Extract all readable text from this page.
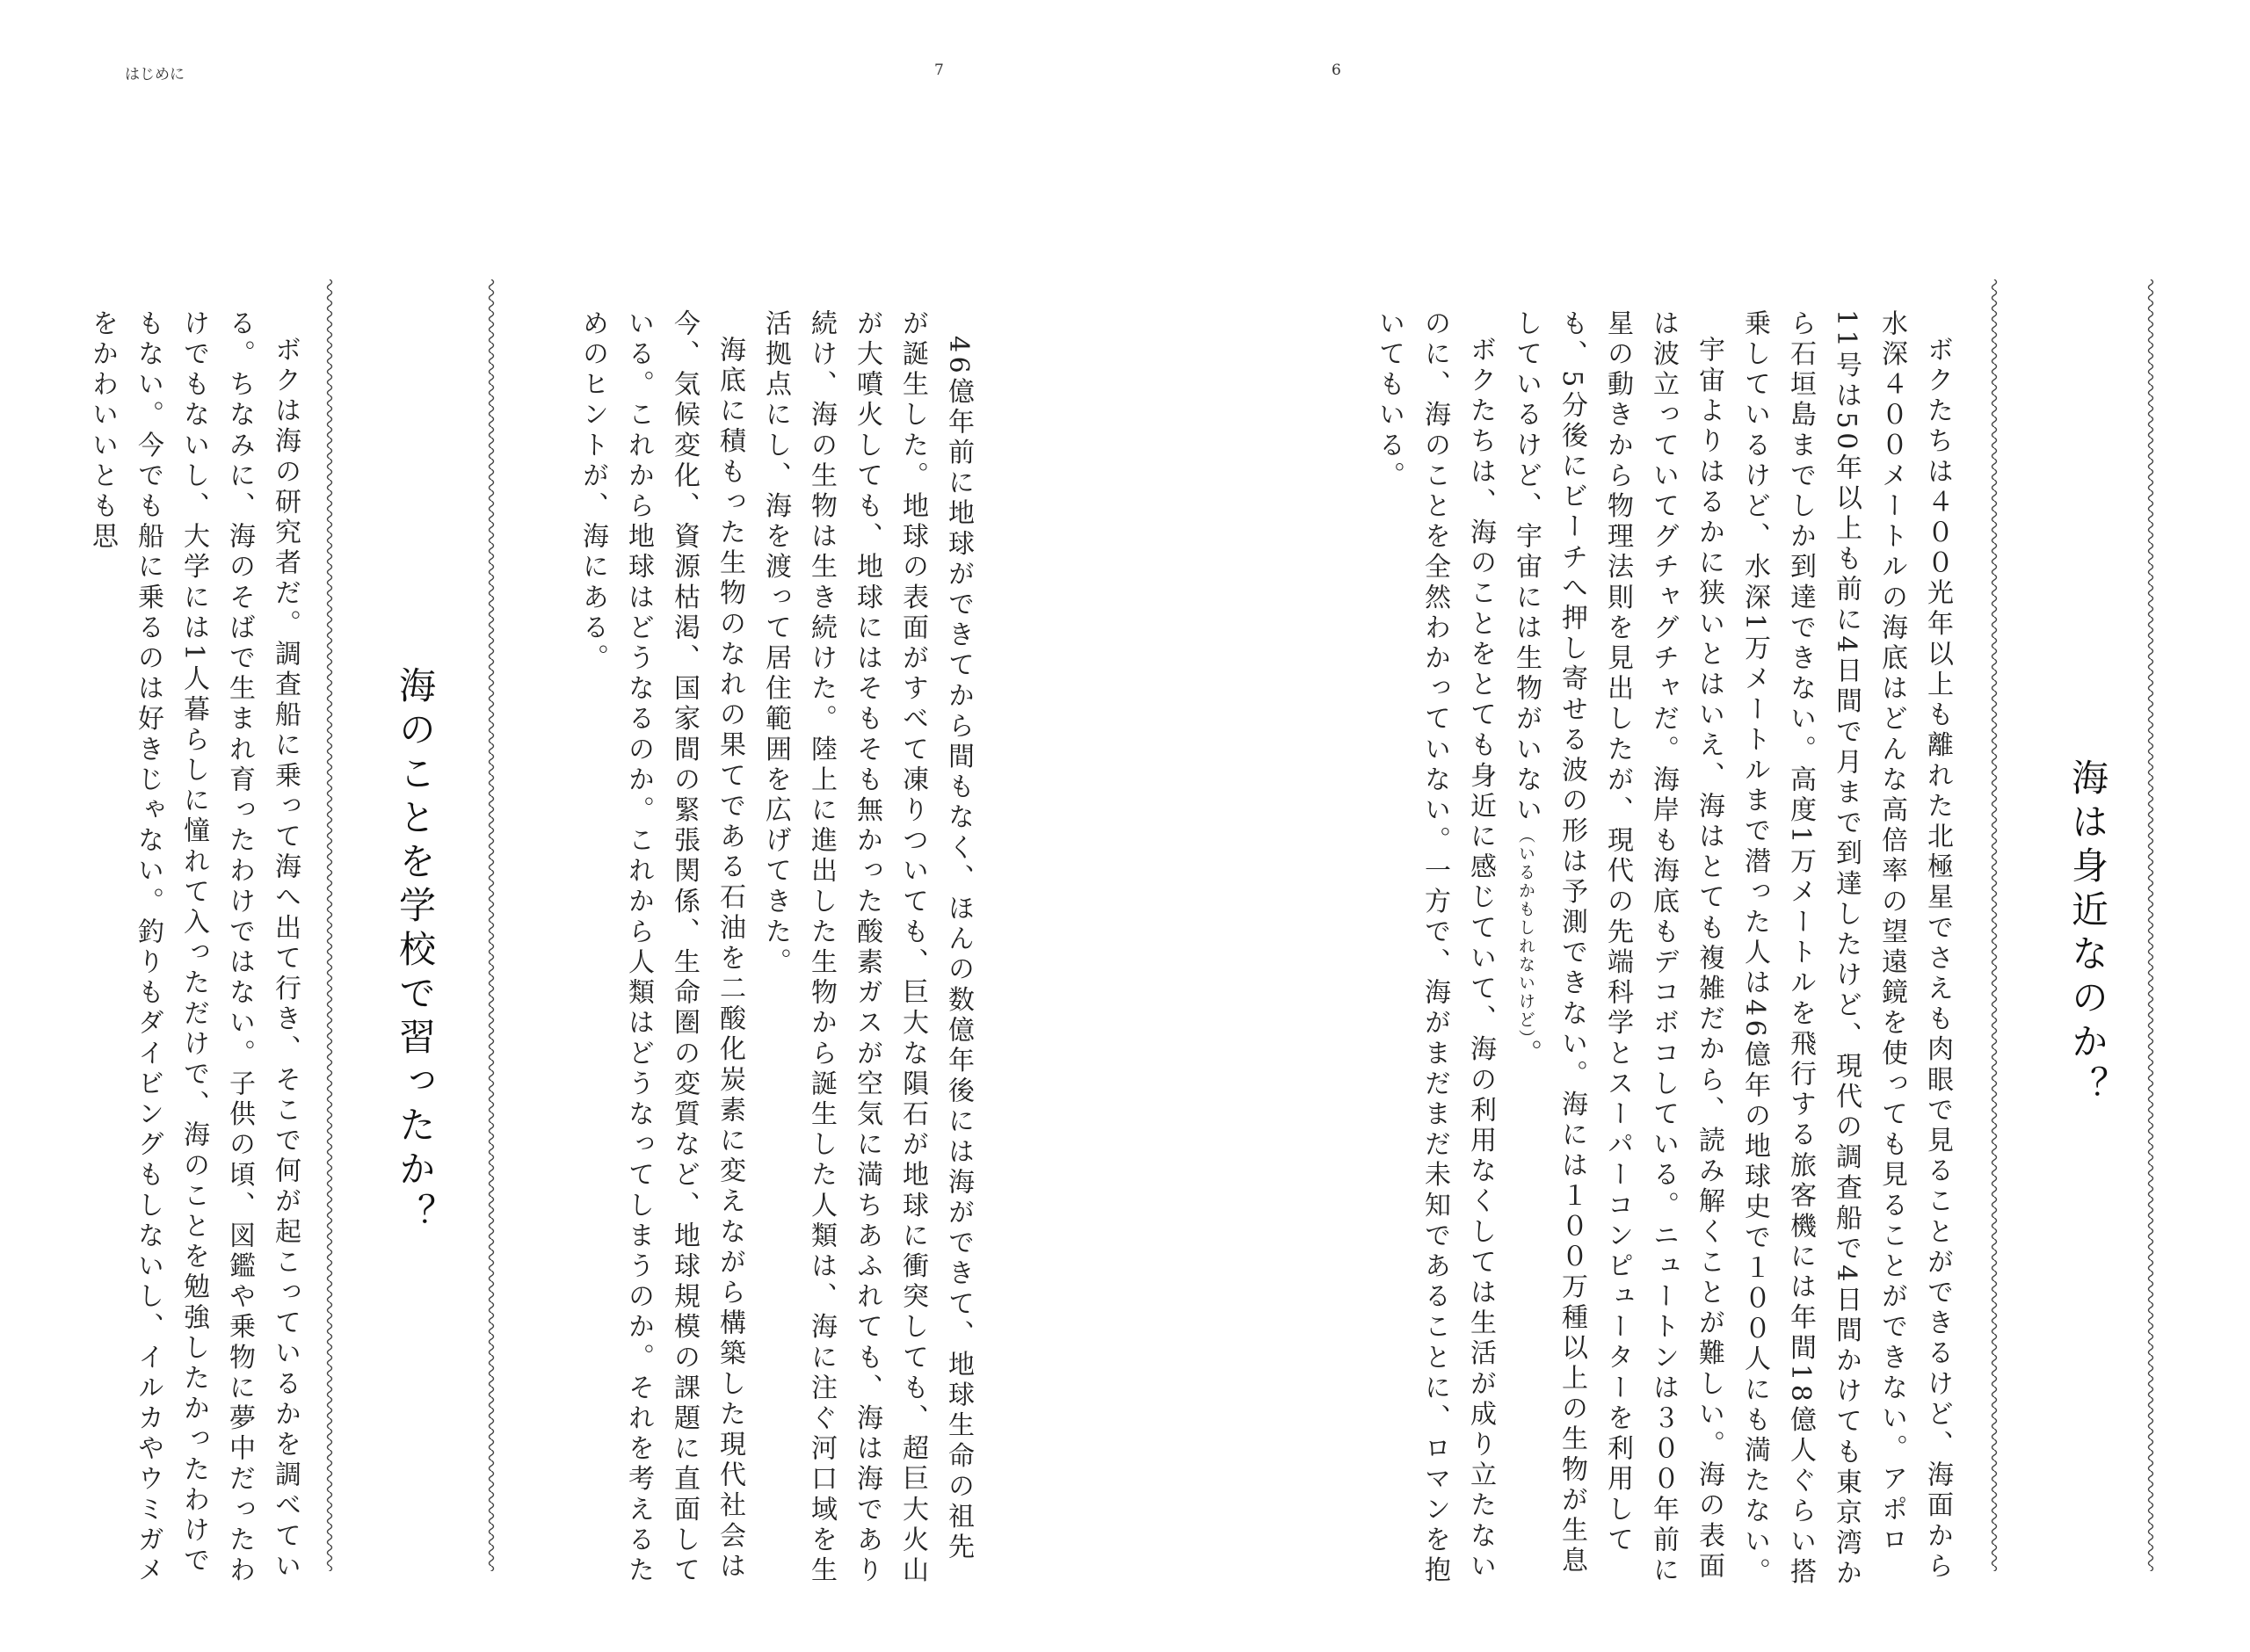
はじめに	7	6
海は身近なのか？

ボクたちは４００光年以上も離れた北極星でさえも肉眼で見ることができるけど、海面から水深４００メートルの海底はどんな高倍率の望遠鏡を使っても見ることができない。アポロ11号は50年以上も前に4日間で月まで到達したけど、現代の調査船で4日間かけても東京湾から石垣島までしか到達できない。高度1万メートルを飛行する旅客機には年間18億人ぐらい搭乗しているけど、水深1万メートルまで潜った人は46億年の地球史で１００人にも満たない。

宇宙よりはるかに狭いとはいえ、海はとても複雑だから、読み解くことが難しい。海の表面は波立っていてグチャグチャだ。海岸も海底もデコボコしている。ニュートンは３００年前に星の動きから物理法則を見出したが、現代の先端科学とスーパーコンピューターを利用しても、5分後にビーチへ押し寄せる波の形は予測できない。海には１００万種以上の生物が生息しているけど、宇宙には生物がいない（いるかもしれないけど）。

ボクたちは、海のことをとても身近に感じていて、海の利用なくしては生活が成り立たないのに、海のことを全然わかっていない。一方で、海がまだまだ未知であることに、ロマンを抱いてもいる。

46億年前に地球ができてから間もなく、ほんの数億年後には海ができて、地球生命の祖先が誕生した。地球の表面がすべて凍りついても、巨大な隕石が地球に衝突しても、超巨大火山が大噴火しても、地球にはそもそも無かった酸素ガスが空気に満ちあふれても、海は海であり続け、海の生物は生き続けた。陸上に進出した生物から誕生した人類は、海に注ぐ河口域を生活拠点にし、海を渡って居住範囲を広げてきた。

海底に積もった生物のなれの果てである石油を二酸化炭素に変えながら構築した現代社会は今、気候変化、資源枯渇、国家間の緊張関係、生命圏の変質など、地球規模の課題に直面している。これから地球はどうなるのか。これから人類はどうなってしまうのか。それを考えるためのヒントが、海にある。

海のことを学校で習ったか？

ボクは海の研究者だ。調査船に乗って海へ出て行き、そこで何が起こっているかを調べている。ちなみに、海のそばで生まれ育ったわけではない。子供の頃、図鑑や乗物に夢中だったわけでもないし、大学には1人暮らしに憧れて入っただけで、海のことを勉強したかったわけでもない。今でも船に乗るのは好きじゃない。釣りもダイビングもしないし、イルカやウミガメをかわいいとも思
